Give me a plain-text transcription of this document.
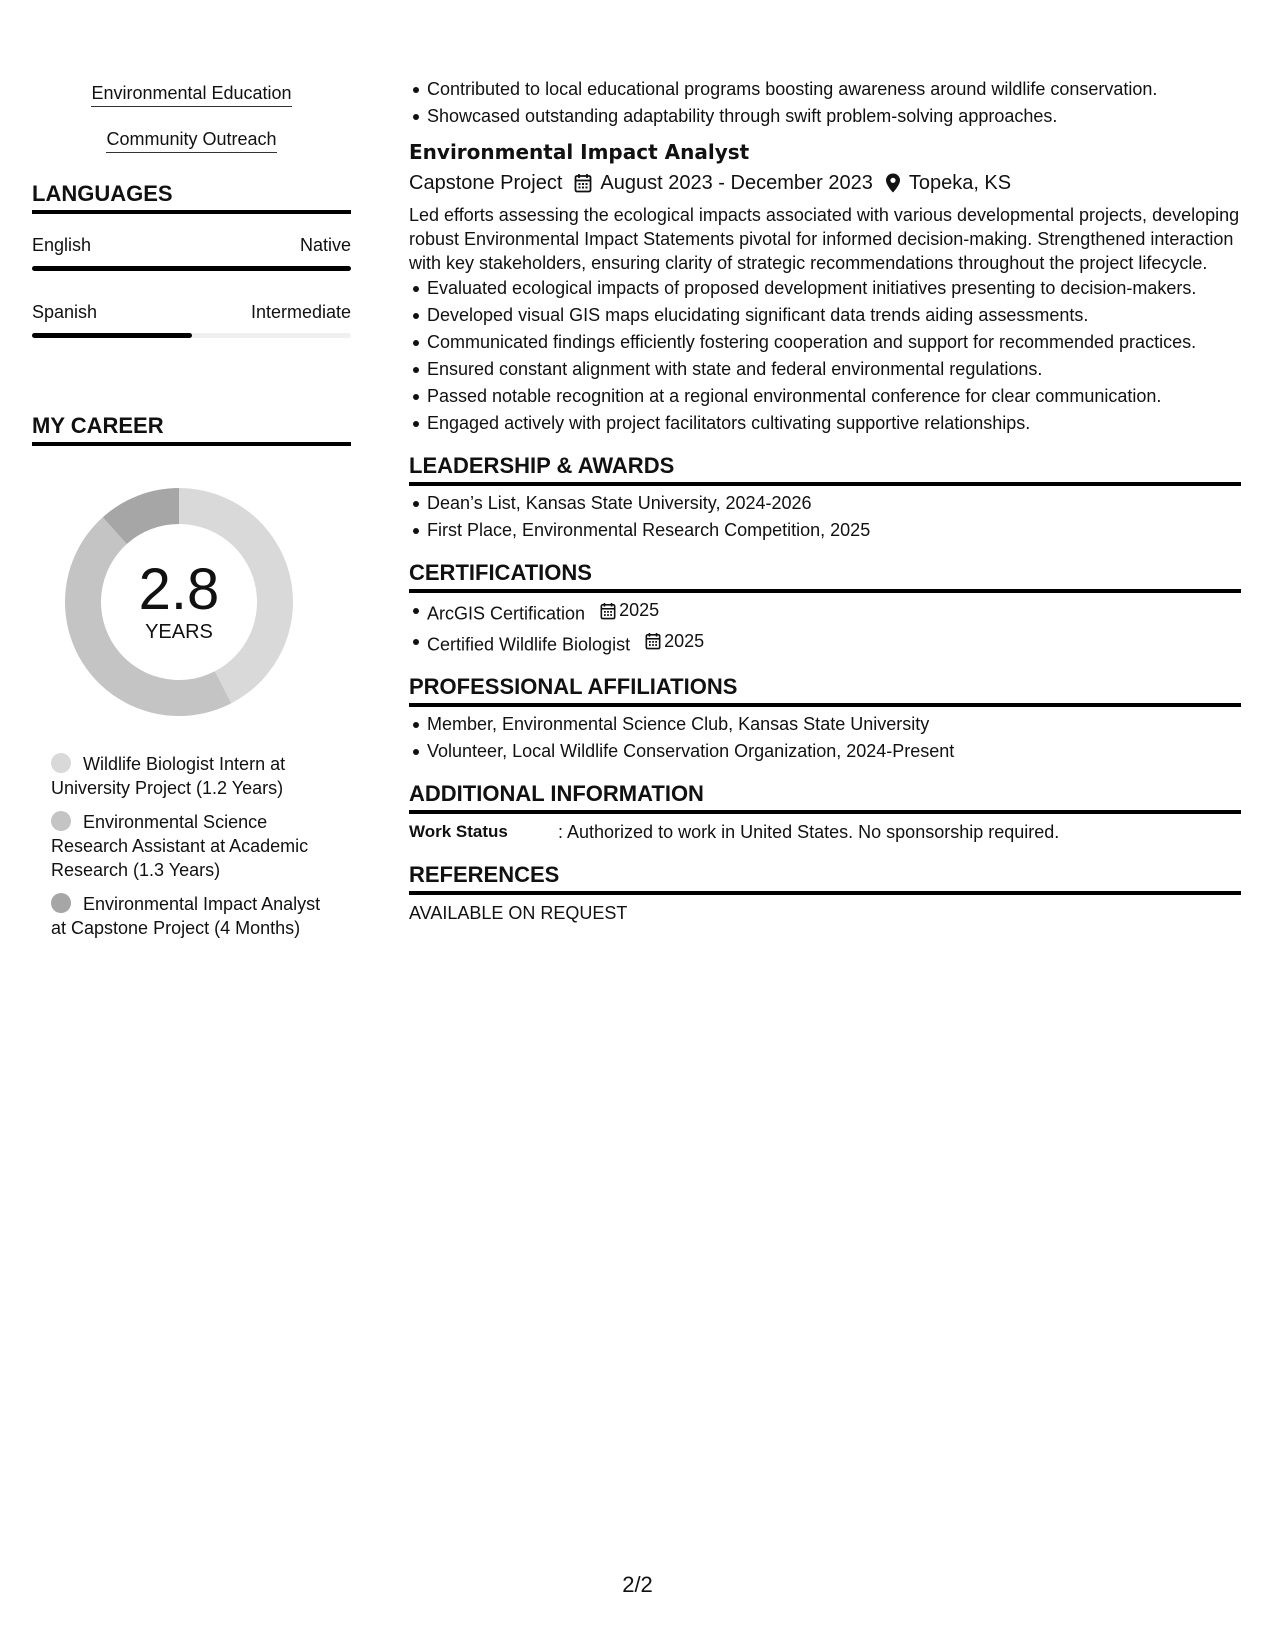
Environmental Education
Community Outreach
LANGUAGES
English	Native
Spanish	Intermediate
MY CAREER
2.8
YEARS
Wildlife Biologist Intern at University Project (1.2 Years)
Environmental Science Research Assistant at Academic Research (1.3 Years)
Environmental Impact Analyst at Capstone Project (4 Months)
Contributed to local educational programs boosting awareness around wildlife conservation.
Showcased outstanding adaptability through swift problem-solving approaches.
Environmental Impact Analyst
Capstone Project August 2023 - December 2023 Topeka, KS
Led efforts assessing the ecological impacts associated with various developmental projects, developing robust Environmental Impact Statements pivotal for informed decision-making. Strengthened interaction with key stakeholders, ensuring clarity of strategic recommendations throughout the project lifecycle.
Evaluated ecological impacts of proposed development initiatives presenting to decision-makers.
Developed visual GIS maps elucidating significant data trends aiding assessments.
Communicated findings efficiently fostering cooperation and support for recommended practices.
Ensured constant alignment with state and federal environmental regulations.
Passed notable recognition at a regional environmental conference for clear communication.
Engaged actively with project facilitators cultivating supportive relationships.
LEADERSHIP & AWARDS
Dean’s List, Kansas State University, 2024-2026
First Place, Environmental Research Competition, 2025
CERTIFICATIONS
ArcGIS Certification 2025
Certified Wildlife Biologist 2025
PROFESSIONAL AFFILIATIONS
Member, Environmental Science Club, Kansas State University
Volunteer, Local Wildlife Conservation Organization, 2024-Present
ADDITIONAL INFORMATION
Work Status	: Authorized to work in United States. No sponsorship required.
REFERENCES
AVAILABLE ON REQUEST
2/2
